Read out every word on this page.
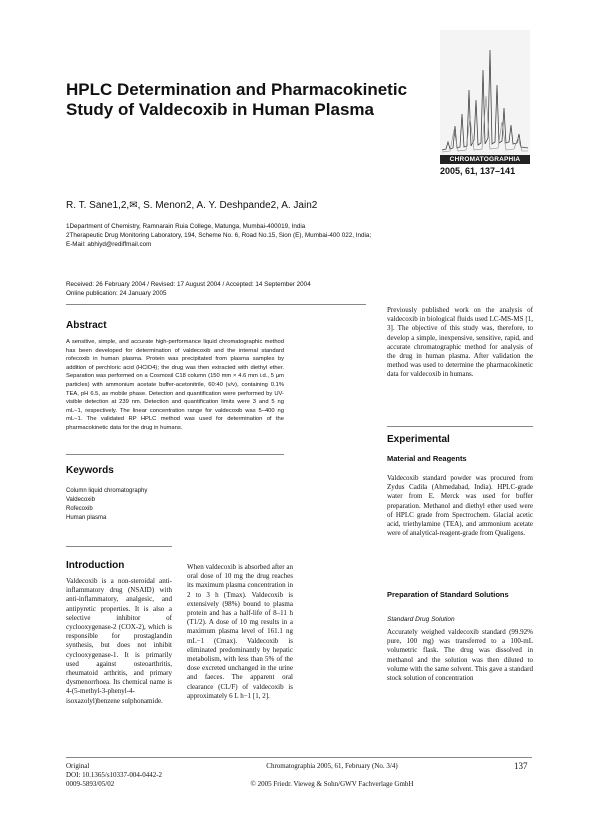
HPLC Determination and Pharmacokinetic Study of Valdecoxib in Human Plasma
CHROMATOGRAPHIA
2005, 61, 137–141
R. T. Sane1,2,✉, S. Menon2, A. Y. Deshpande2, A. Jain2
1Department of Chemistry, Ramnarain Ruia College, Matunga, Mumbai-400019, India
2Therapeutic Drug Monitoring Laboratory, 194, Scheme No. 6, Road No.15, Sion (E), Mumbai-400 022, India;
E-Mail: abhiyd@rediffmail.com
Received: 26 February 2004 / Revised: 17 August 2004 / Accepted: 14 September 2004
Online publication: 24 January 2005
Abstract
A sensitive, simple, and accurate high-performance liquid chromatographic method has been developed for determination of valdecoxib and the internal standard rofecoxib in human plasma. Protein was precipitated from plasma samples by addition of perchloric acid (HClO4); the drug was then extracted with diethyl ether. Separation was performed on a Cosmosil C18 column (150 mm × 4.6 mm i.d., 5 μm particles) with ammonium acetate buffer-acetonitrile, 60:40 (v/v), containing 0.1% TEA, pH 6.5, as mobile phase. Detection and quantification were performed by UV-visible detection at 239 nm. Detection and quantification limits were 3 and 5 ng mL−1, respectively. The linear concentration range for valdecoxib was 5–400 ng mL−1. The validated RP HPLC method was used for determination of the pharmacokinetic data for the drug in humans.
Keywords
Column liquid chromatography
Valdecoxib
Rofecoxib
Human plasma
Introduction
Valdecoxib is a non-steroidal anti-inflammatory drug (NSAID) with anti-inflammatory, analgesic, and antipyretic properties. It is also a selective inhibitor of cyclooxygenase-2 (COX-2), which is responsible for prostaglandin synthesis, but does not inhibit cyclooxygenase-1. It is primarily used against osteoarthritis, rheumatoid arthritis, and primary dysmenorrhoea. Its chemical name is 4-(5-methyl-3-phenyl-4-isoxazolyl)benzene sulphonamide.
When valdecoxib is absorbed after an oral dose of 10 mg the drug reaches its maximum plasma concentration in 2 to 3 h (Tmax). Valdecoxib is extensively (98%) bound to plasma protein and has a half-life of 8–11 h (T1/2). A dose of 10 mg results in a maximum plasma level of 161.1 ng mL−1 (Cmax). Valdecoxib is eliminated predominantly by hepatic metabolism, with less than 5% of the dose excreted unchanged in the urine and faeces. The apparent oral clearance (CL/F) of valdecoxib is approximately 6 L h−1 [1, 2].
Previously published work on the analysis of valdecoxib in biological fluids used LC-MS-MS [1, 3]. The objective of this study was, therefore, to develop a simple, inexpensive, sensitive, rapid, and accurate chromatographic method for analysis of the drug in human plasma. After validation the method was used to determine the pharmacokinetic data for valdecoxib in humans.
Experimental
Material and Reagents
Valdecoxib standard powder was procured from Zydus Cadila (Ahmedabad, India). HPLC-grade water from E. Merck was used for buffer preparation. Methanol and diethyl ether used were of HPLC grade from Spectrochem. Glacial acetic acid, triethylamine (TEA), and ammonium acetate were of analytical-reagent-grade from Qualigens.
Preparation of Standard Solutions
Standard Drug Solution
Accurately weighed valdecoxib standard (99.92% pure, 100 mg) was transferred to a 100-mL volumetric flask. The drug was dissolved in methanol and the solution was then diluted to volume with the same solvent. This gave a standard stock solution of concentration
Original
DOI: 10.1365/s10337-004-0442-2
0009-5893/05/02
Chromatographia 2005, 61, February (No. 3/4)
© 2005 Friedr. Vieweg & Sohn/GWV Fachverlage GmbH
137
